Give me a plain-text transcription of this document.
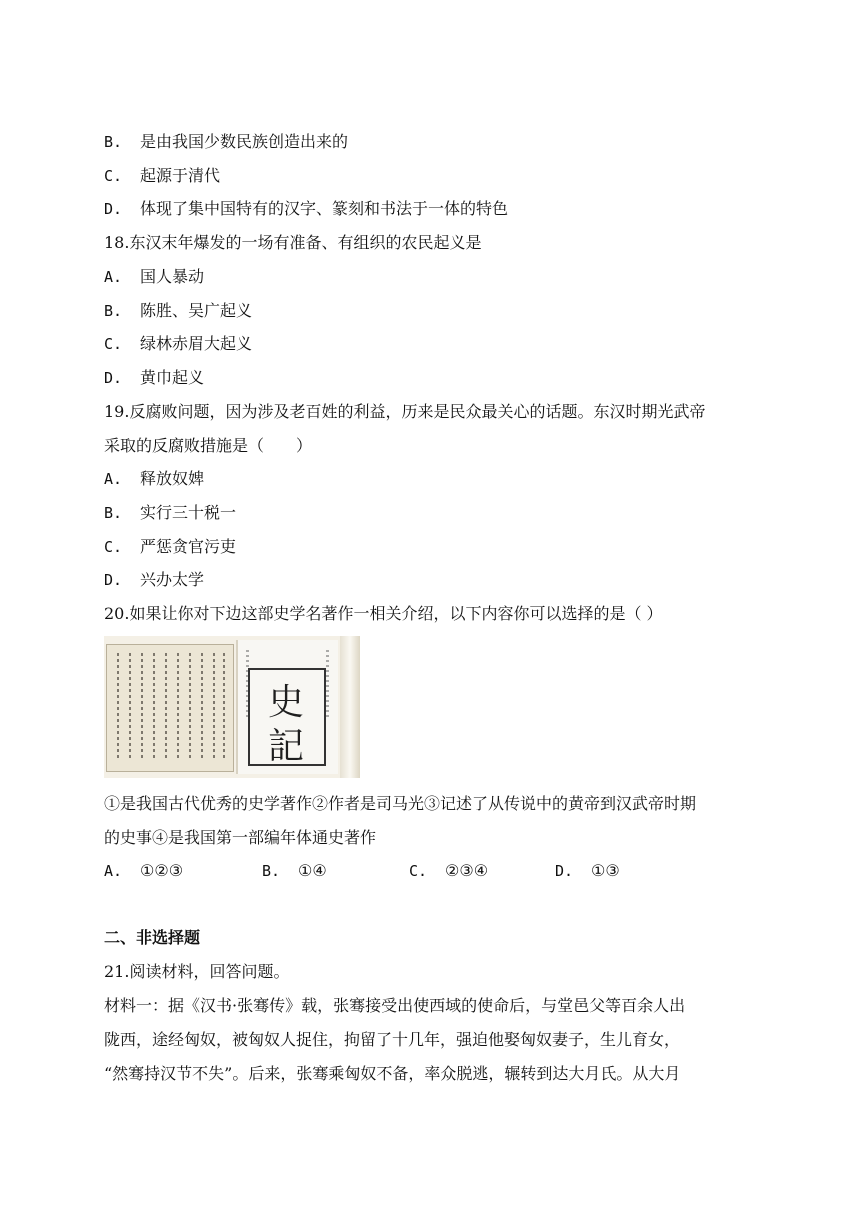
B. 是由我国少数民族创造出来的
C. 起源于清代
D. 体现了集中国特有的汉字、篆刻和书法于一体的特色
18.东汉末年爆发的一场有准备、有组织的农民起义是
A. 国人暴动
B. 陈胜、吴广起义
C. 绿林赤眉大起义
D. 黄巾起义
19.反腐败问题，因为涉及老百姓的利益，历来是民众最关心的话题。东汉时期光武帝
采取的反腐败措施是（　　）
A. 释放奴婢
B. 实行三十税一
C. 严惩贪官污吏
D. 兴办太学
20.如果让你对下边这部史学名著作一相关介绍，以下内容你可以选择的是（ ）
史
記
①是我国古代优秀的史学著作②作者是司马光③记述了从传说中的黄帝到汉武帝时期
的史事④是我国第一部编年体通史著作
A. ①②③	B. ①④	C. ②③④	D. ①③
二、非选择题
21.阅读材料，回答问题。
材料一：据《汉书·张骞传》载，张骞接受出使西域的使命后，与堂邑父等百余人出
陇西，途经匈奴，被匈奴人捉住，拘留了十几年，强迫他娶匈奴妻子，生儿育女，
“然骞持汉节不失”。后来，张骞乘匈奴不备，率众脱逃，辗转到达大月氏。从大月
